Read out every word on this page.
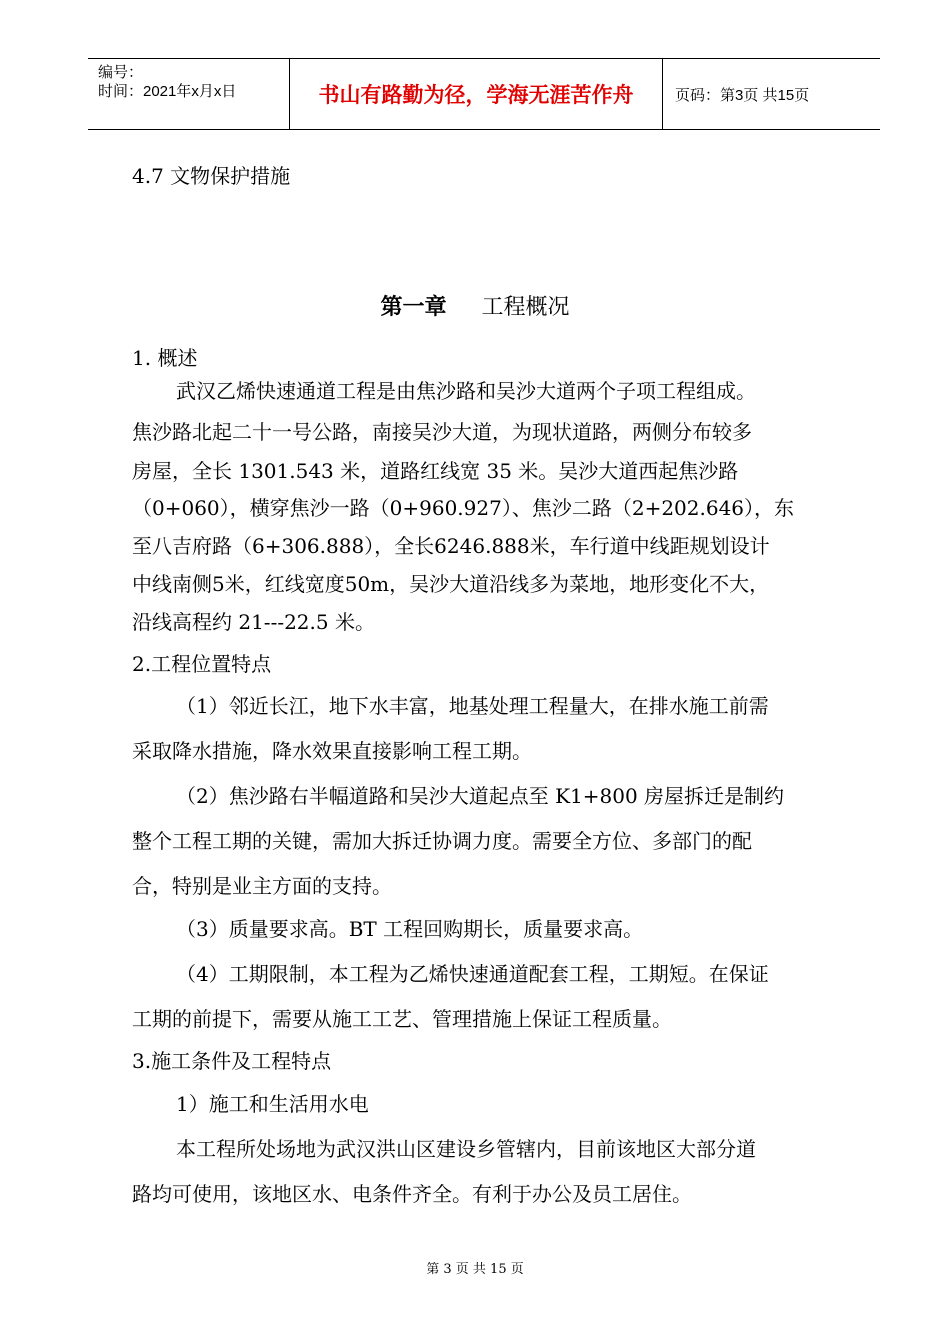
编号：
时间：2021年x月x日	书山有路勤为径，学海无涯苦作舟	页码：第3页 共15页
4.7 文物保护措施
第一章 工程概况
1. 概述
武汉乙烯快速通道工程是由焦沙路和吴沙大道两个子项工程组成。
焦沙路北起二十一号公路，南接吴沙大道，为现状道路，两侧分布较多
房屋，全长 1301.543 米，道路红线宽 35 米。吴沙大道西起焦沙路
（0+060），横穿焦沙一路（0+960.927）、焦沙二路（2+202.646），东
至八吉府路（6+306.888），全长6246.888米，车行道中线距规划设计
中线南侧5米，红线宽度50m，吴沙大道沿线多为菜地，地形变化不大，
沿线高程约 21---22.5 米。
2.工程位置特点
（1）邻近长江，地下水丰富，地基处理工程量大，在排水施工前需
采取降水措施，降水效果直接影响工程工期。
（2）焦沙路右半幅道路和吴沙大道起点至 K1+800 房屋拆迁是制约
整个工程工期的关键，需加大拆迁协调力度。需要全方位、多部门的配
合，特别是业主方面的支持。
（3）质量要求高。BT 工程回购期长，质量要求高。
（4）工期限制，本工程为乙烯快速通道配套工程，工期短。在保证
工期的前提下，需要从施工工艺、管理措施上保证工程质量。
3.施工条件及工程特点
1）施工和生活用水电
本工程所处场地为武汉洪山区建设乡管辖内，目前该地区大部分道
路均可使用，该地区水、电条件齐全。有利于办公及员工居住。
第 3 页 共 15 页
